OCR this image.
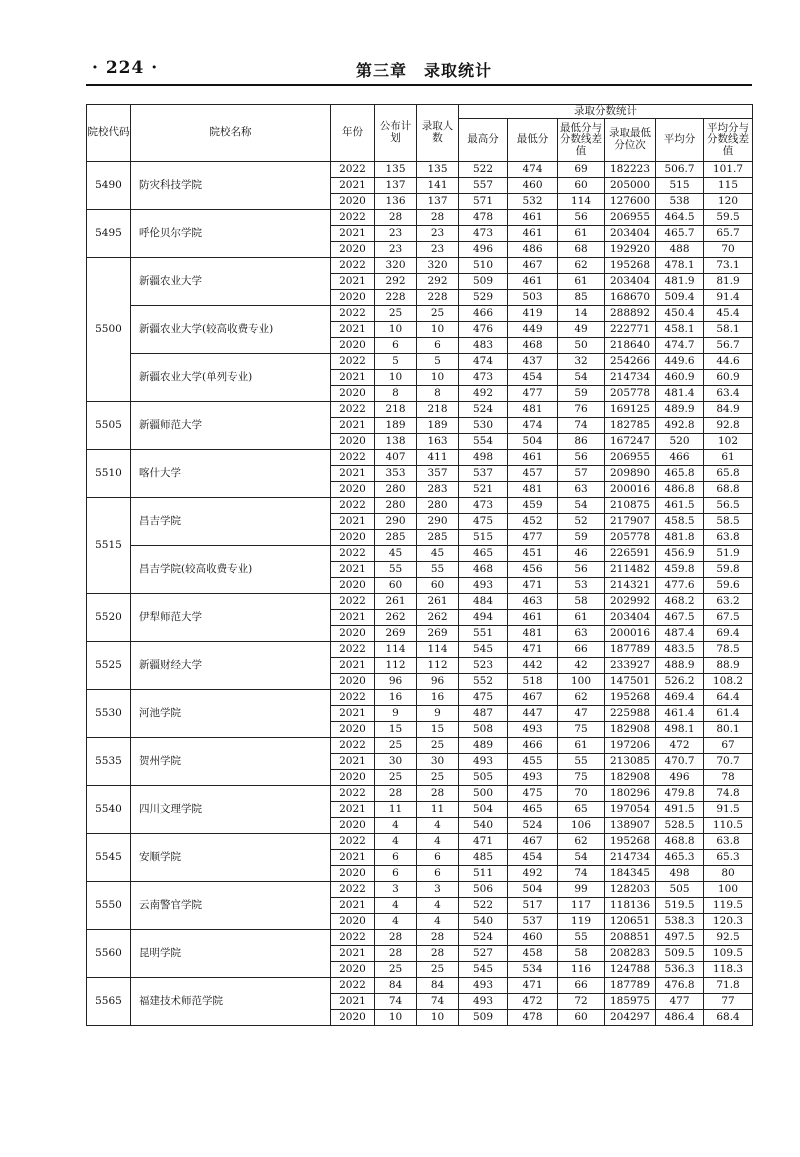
· 224 ·	第三章　录取统计
院校代码	院校名称	年份	公布计划	录取人数	录取分数统计					
					最高分	最低分	最低分与分数线差值	录取最低分位次	平均分	平均分与分数线差值
5490	防灾科技学院	2022	135	135	522	474	69	182223	506.7	101.7
		2021	137	141	557	460	60	205000	515	115
		2020	136	137	571	532	114	127600	538	120
5495	呼伦贝尔学院	2022	28	28	478	461	56	206955	464.5	59.5
		2021	23	23	473	461	61	203404	465.7	65.7
		2020	23	23	496	486	68	192920	488	70
5500	新疆农业大学	2022	320	320	510	467	62	195268	478.1	73.1
		2021	292	292	509	461	61	203404	481.9	81.9
		2020	228	228	529	503	85	168670	509.4	91.4
	新疆农业大学(较高收费专业)	2022	25	25	466	419	14	288892	450.4	45.4
		2021	10	10	476	449	49	222771	458.1	58.1
		2020	6	6	483	468	50	218640	474.7	56.7
	新疆农业大学(单列专业)	2022	5	5	474	437	32	254266	449.6	44.6
		2021	10	10	473	454	54	214734	460.9	60.9
		2020	8	8	492	477	59	205778	481.4	63.4
5505	新疆师范大学	2022	218	218	524	481	76	169125	489.9	84.9
		2021	189	189	530	474	74	182785	492.8	92.8
		2020	138	163	554	504	86	167247	520	102
5510	喀什大学	2022	407	411	498	461	56	206955	466	61
		2021	353	357	537	457	57	209890	465.8	65.8
		2020	280	283	521	481	63	200016	486.8	68.8
5515	昌吉学院	2022	280	280	473	459	54	210875	461.5	56.5
		2021	290	290	475	452	52	217907	458.5	58.5
		2020	285	285	515	477	59	205778	481.8	63.8
	昌吉学院(较高收费专业)	2022	45	45	465	451	46	226591	456.9	51.9
		2021	55	55	468	456	56	211482	459.8	59.8
		2020	60	60	493	471	53	214321	477.6	59.6
5520	伊犁师范大学	2022	261	261	484	463	58	202992	468.2	63.2
		2021	262	262	494	461	61	203404	467.5	67.5
		2020	269	269	551	481	63	200016	487.4	69.4
5525	新疆财经大学	2022	114	114	545	471	66	187789	483.5	78.5
		2021	112	112	523	442	42	233927	488.9	88.9
		2020	96	96	552	518	100	147501	526.2	108.2
5530	河池学院	2022	16	16	475	467	62	195268	469.4	64.4
		2021	9	9	487	447	47	225988	461.4	61.4
		2020	15	15	508	493	75	182908	498.1	80.1
5535	贺州学院	2022	25	25	489	466	61	197206	472	67
		2021	30	30	493	455	55	213085	470.7	70.7
		2020	25	25	505	493	75	182908	496	78
5540	四川文理学院	2022	28	28	500	475	70	180296	479.8	74.8
		2021	11	11	504	465	65	197054	491.5	91.5
		2020	4	4	540	524	106	138907	528.5	110.5
5545	安顺学院	2022	4	4	471	467	62	195268	468.8	63.8
		2021	6	6	485	454	54	214734	465.3	65.3
		2020	6	6	511	492	74	184345	498	80
5550	云南警官学院	2022	3	3	506	504	99	128203	505	100
		2021	4	4	522	517	117	118136	519.5	119.5
		2020	4	4	540	537	119	120651	538.3	120.3
5560	昆明学院	2022	28	28	524	460	55	208851	497.5	92.5
		2021	28	28	527	458	58	208283	509.5	109.5
		2020	25	25	545	534	116	124788	536.3	118.3
5565	福建技术师范学院	2022	84	84	493	471	66	187789	476.8	71.8
		2021	74	74	493	472	72	185975	477	77
		2020	10	10	509	478	60	204297	486.4	68.4
